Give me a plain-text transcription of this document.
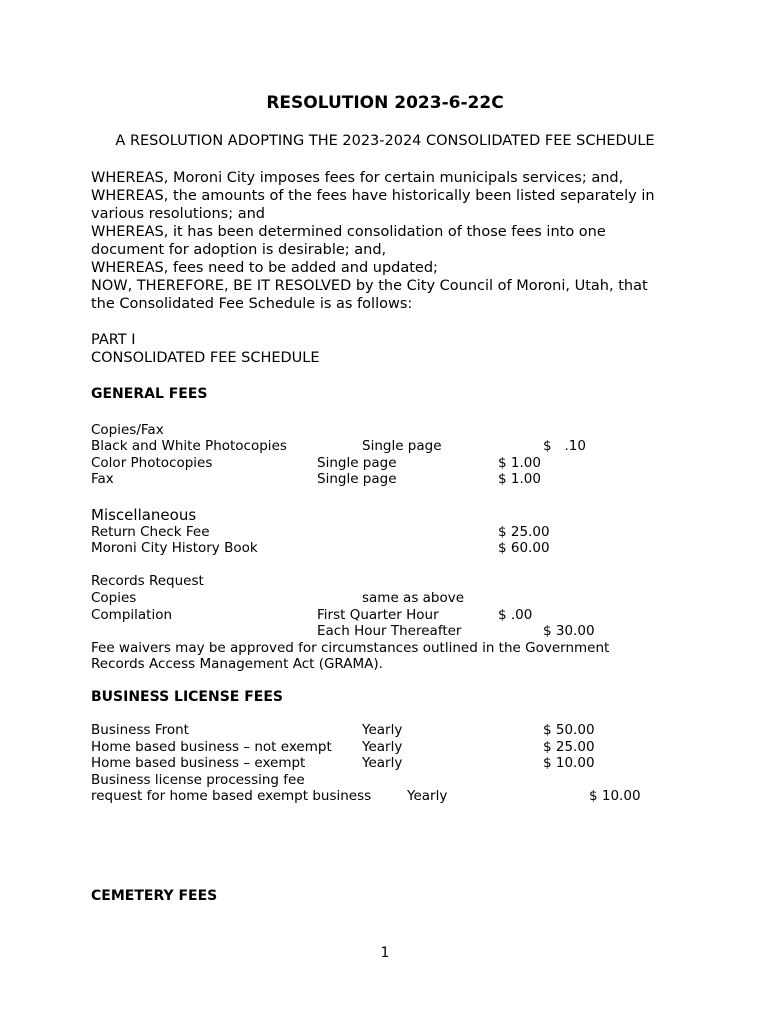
RESOLUTION 2023-6-22C
A RESOLUTION ADOPTING THE 2023-2024 CONSOLIDATED FEE SCHEDULE
WHEREAS, Moroni City imposes fees for certain municipals services; and,
WHEREAS, the amounts of the fees have historically been listed separately in
various resolutions; and
WHEREAS, it has been determined consolidation of those fees into one
document for adoption is desirable; and,
WHEREAS, fees need to be added and updated;
NOW, THEREFORE, BE IT RESOLVED by the City Council of Moroni, Utah, that
the Consolidated Fee Schedule is as follows:
PART I
CONSOLIDATED FEE SCHEDULE
GENERAL FEES
Copies/Fax
Black and White Photocopies	Single page	$   .10
Color Photocopies	Single page	$ 1.00
Fax	Single page	$ 1.00
Miscellaneous
Return Check Fee	$ 25.00
Moroni City History Book	$ 60.00
Records Request
Copies	same as above
Compilation	First Quarter Hour	$ .00
Each Hour Thereafter	$ 30.00
Fee waivers may be approved for circumstances outlined in the Government
Records Access Management Act (GRAMA).
BUSINESS LICENSE FEES
Business Front	Yearly	$ 50.00
Home based business – not exempt Yearly	$ 25.00
Home based business – exempt	Yearly	$ 10.00
Business license processing fee
request for home based exempt business	Yearly	$ 10.00
CEMETERY FEES
1
